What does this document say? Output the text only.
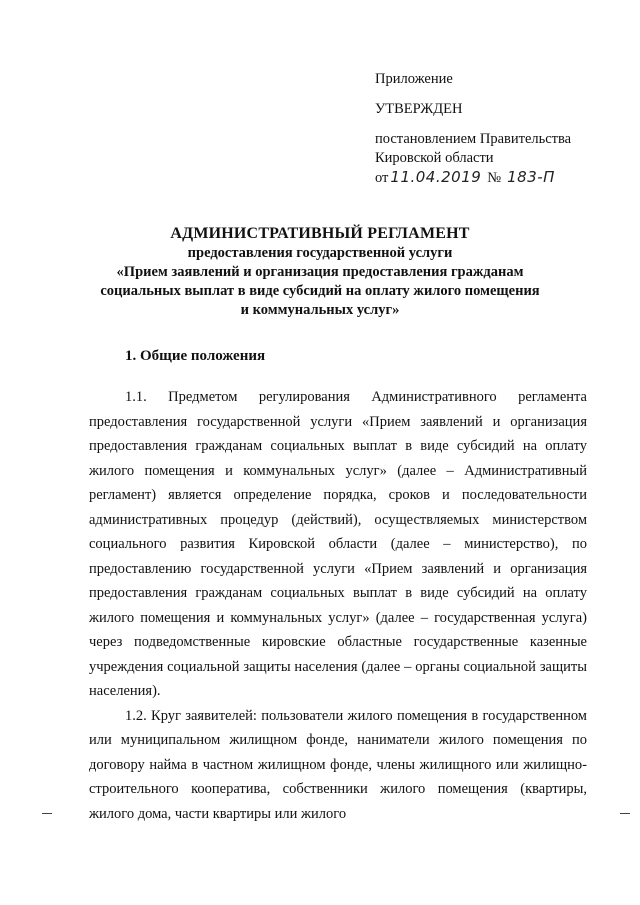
Приложение
УТВЕРЖДЕН
постановлением Правительства
Кировской области
от 11.04.2019 № 183-П
АДМИНИСТРАТИВНЫЙ РЕГЛАМЕНТ
предоставления государственной услуги
«Прием заявлений и организация предоставления гражданам
социальных выплат в виде субсидий на оплату жилого помещения
и коммунальных услуг»
1. Общие положения

1.1. Предметом регулирования Административного регламента предоставления государственной услуги «Прием заявлений и организация предоставления гражданам социальных выплат в виде субсидий на оплату жилого помещения и коммунальных услуг» (далее – Административный регламент) является определение порядка, сроков и последовательности административных процедур (действий), осуществляемых министерством социального развития Кировской области (далее – министерство), по предоставлению государственной услуги «Прием заявлений и организация предоставления гражданам социальных выплат в виде субсидий на оплату жилого помещения и коммунальных услуг» (далее – государственная услуга) через подведомственные кировские областные государственные казенные учреждения социальной защиты населения (далее – органы социальной защиты населения).

1.2. Круг заявителей: пользователи жилого помещения в государственном или муниципальном жилищном фонде, наниматели жилого помещения по договору найма в частном жилищном фонде, члены жилищного или жилищно-строительного кооператива, собственники жилого помещения (квартиры, жилого дома, части квартиры или жилого
